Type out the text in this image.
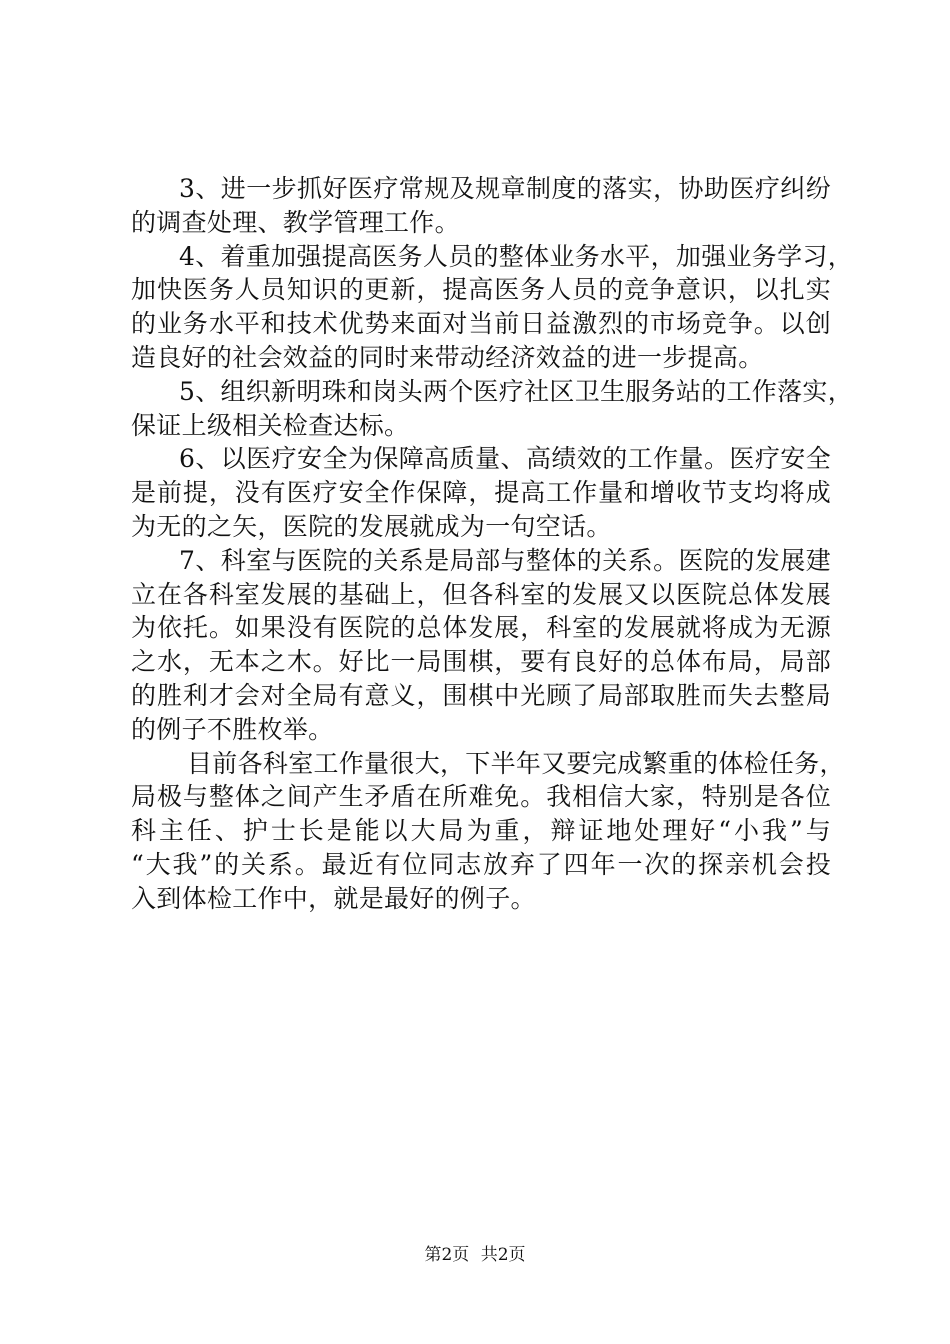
3、进一步抓好医疗常规及规章制度的落实，协助医疗纠纷
的调查处理、教学管理工作。
4、着重加强提高医务人员的整体业务水平，加强业务学习，
加快医务人员知识的更新，提高医务人员的竞争意识，以扎实
的业务水平和技术优势来面对当前日益激烈的市场竞争。以创
造良好的社会效益的同时来带动经济效益的进一步提高。
5、组织新明珠和岗头两个医疗社区卫生服务站的工作落实，
保证上级相关检查达标。
6、以医疗安全为保障高质量、高绩效的工作量。医疗安全
是前提，没有医疗安全作保障，提高工作量和增收节支均将成
为无的之矢，医院的发展就成为一句空话。
7、科室与医院的关系是局部与整体的关系。医院的发展建
立在各科室发展的基础上，但各科室的发展又以医院总体发展
为依托。如果没有医院的总体发展，科室的发展就将成为无源
之水，无本之木。好比一局围棋，要有良好的总体布局，局部
的胜利才会对全局有意义，围棋中光顾了局部取胜而失去整局
的例子不胜枚举。
目前各科室工作量很大，下半年又要完成繁重的体检任务，
局极与整体之间产生矛盾在所难免。我相信大家，特别是各位
科主任、护士长是能以大局为重，辩证地处理好“小我”与
“大我”的关系。最近有位同志放弃了四年一次的探亲机会投
入到体检工作中，就是最好的例子。
第2页 共2页
